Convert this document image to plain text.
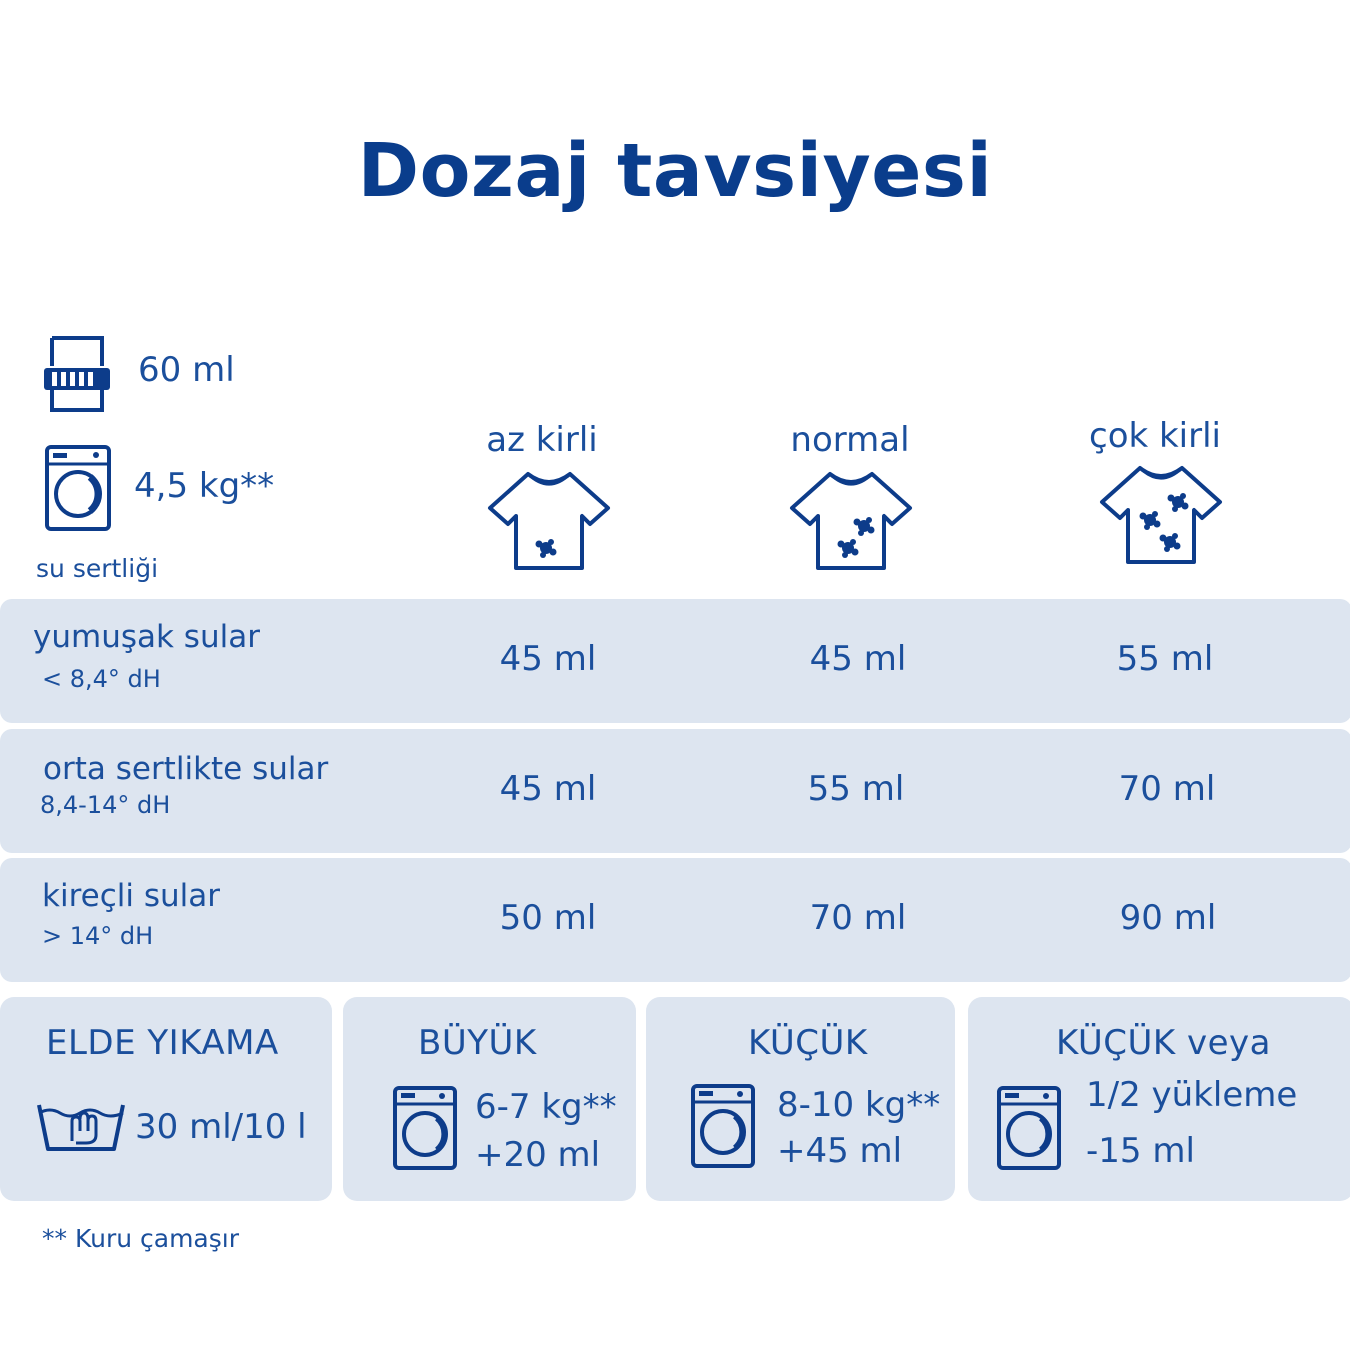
Dozaj tavsiyesi
60 ml
4,5 kg**
su sertliği
az kirli	normal	çok kirli
yumuşak sular
< 8,4° dH	45 ml	45 ml	55 ml
orta sertlikte sular
8,4-14° dH	45 ml	55 ml	70 ml
kireçli sular
> 14° dH	50 ml	70 ml	90 ml
ELDE YIKAMA
30 ml/10 l
BÜYÜK
6-7 kg**
+20 ml
KÜÇÜK
8-10 kg**
+45 ml
KÜÇÜK veya
1/2 yükleme
-15 ml
** Kuru çamaşır
